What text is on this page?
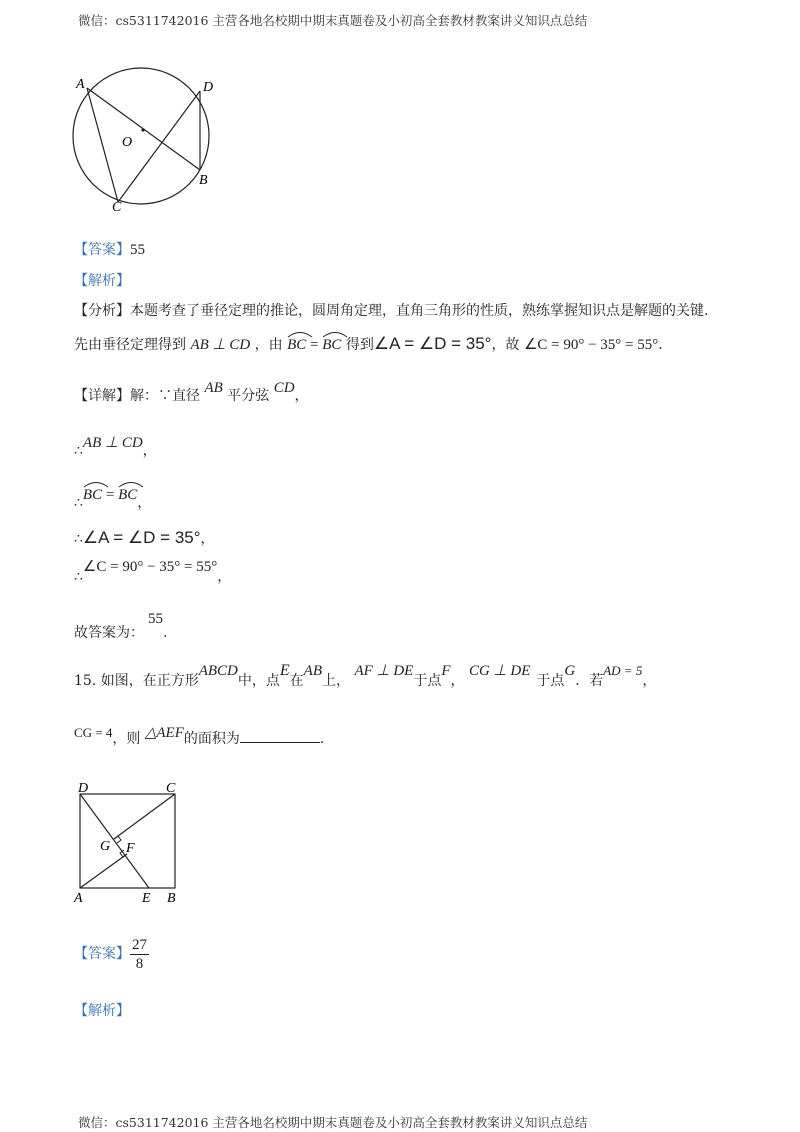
微信：cs5311742016 主营各地名校期中期末真题卷及小初高全套教材教案讲义知识点总结
A	D
O
B
C
【答案】55
【解析】
【分析】本题考查了垂径定理的推论，圆周角定理，直角三角形的性质，熟练掌握知识点是解题的关键.
先由垂径定理得到 AB ⊥ CD ，由 BC =
BC 得到∠A = ∠D = 35°，故 ∠C = 90° − 35° = 55°.
【详解】解：∵直径 AB 平分弦 CD，
∴AB ⊥ CD，
∴
BC =
BC，
∴∠A = ∠D = 35°，
∴∠C = 90° − 35° = 55°，
故答案为：55.
15. 如图，在正方形ABCD中，点E在AB上， AF ⊥ DE于点F， CG ⊥ DE于点G．若AD = 5，
CG = 4，则 △AEF的面积为	.
D	C
G F
A	E B
【答案】 $\frac{27}{8}$
【解析】
微信：cs5311742016 主营各地名校期中期末真题卷及小初高全套教材教案讲义知识点总结
